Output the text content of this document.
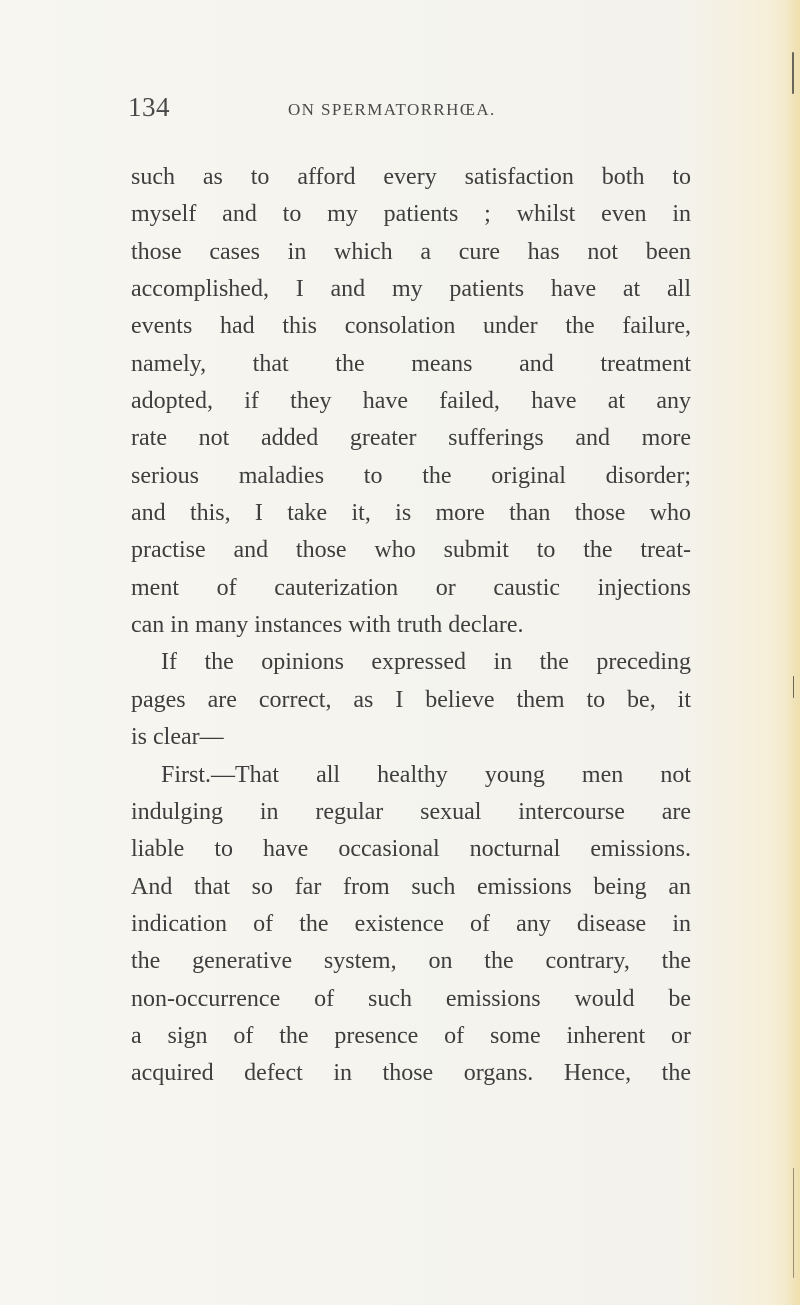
134	ON SPERMATORRHŒA.
such as to afford every satisfaction both to
myself and to my patients ; whilst even in
those cases in which a cure has not been
accomplished, I and my patients have at all
events had this consolation under the failure,
namely, that the means and treatment
adopted, if they have failed, have at any
rate not added greater sufferings and more
serious maladies to the original disorder;
and this, I take it, is more than those who
practise and those who submit to the treat-
ment of cauterization or caustic injections
can in many instances with truth declare.
If the opinions expressed in the preceding
pages are correct, as I believe them to be, it
is clear—
First.—That all healthy young men not
indulging in regular sexual intercourse are
liable to have occasional nocturnal emissions.
And that so far from such emissions being an
indication of the existence of any disease in
the generative system, on the contrary, the
non-occurrence of such emissions would be
a sign of the presence of some inherent or
acquired defect in those organs. Hence, the
